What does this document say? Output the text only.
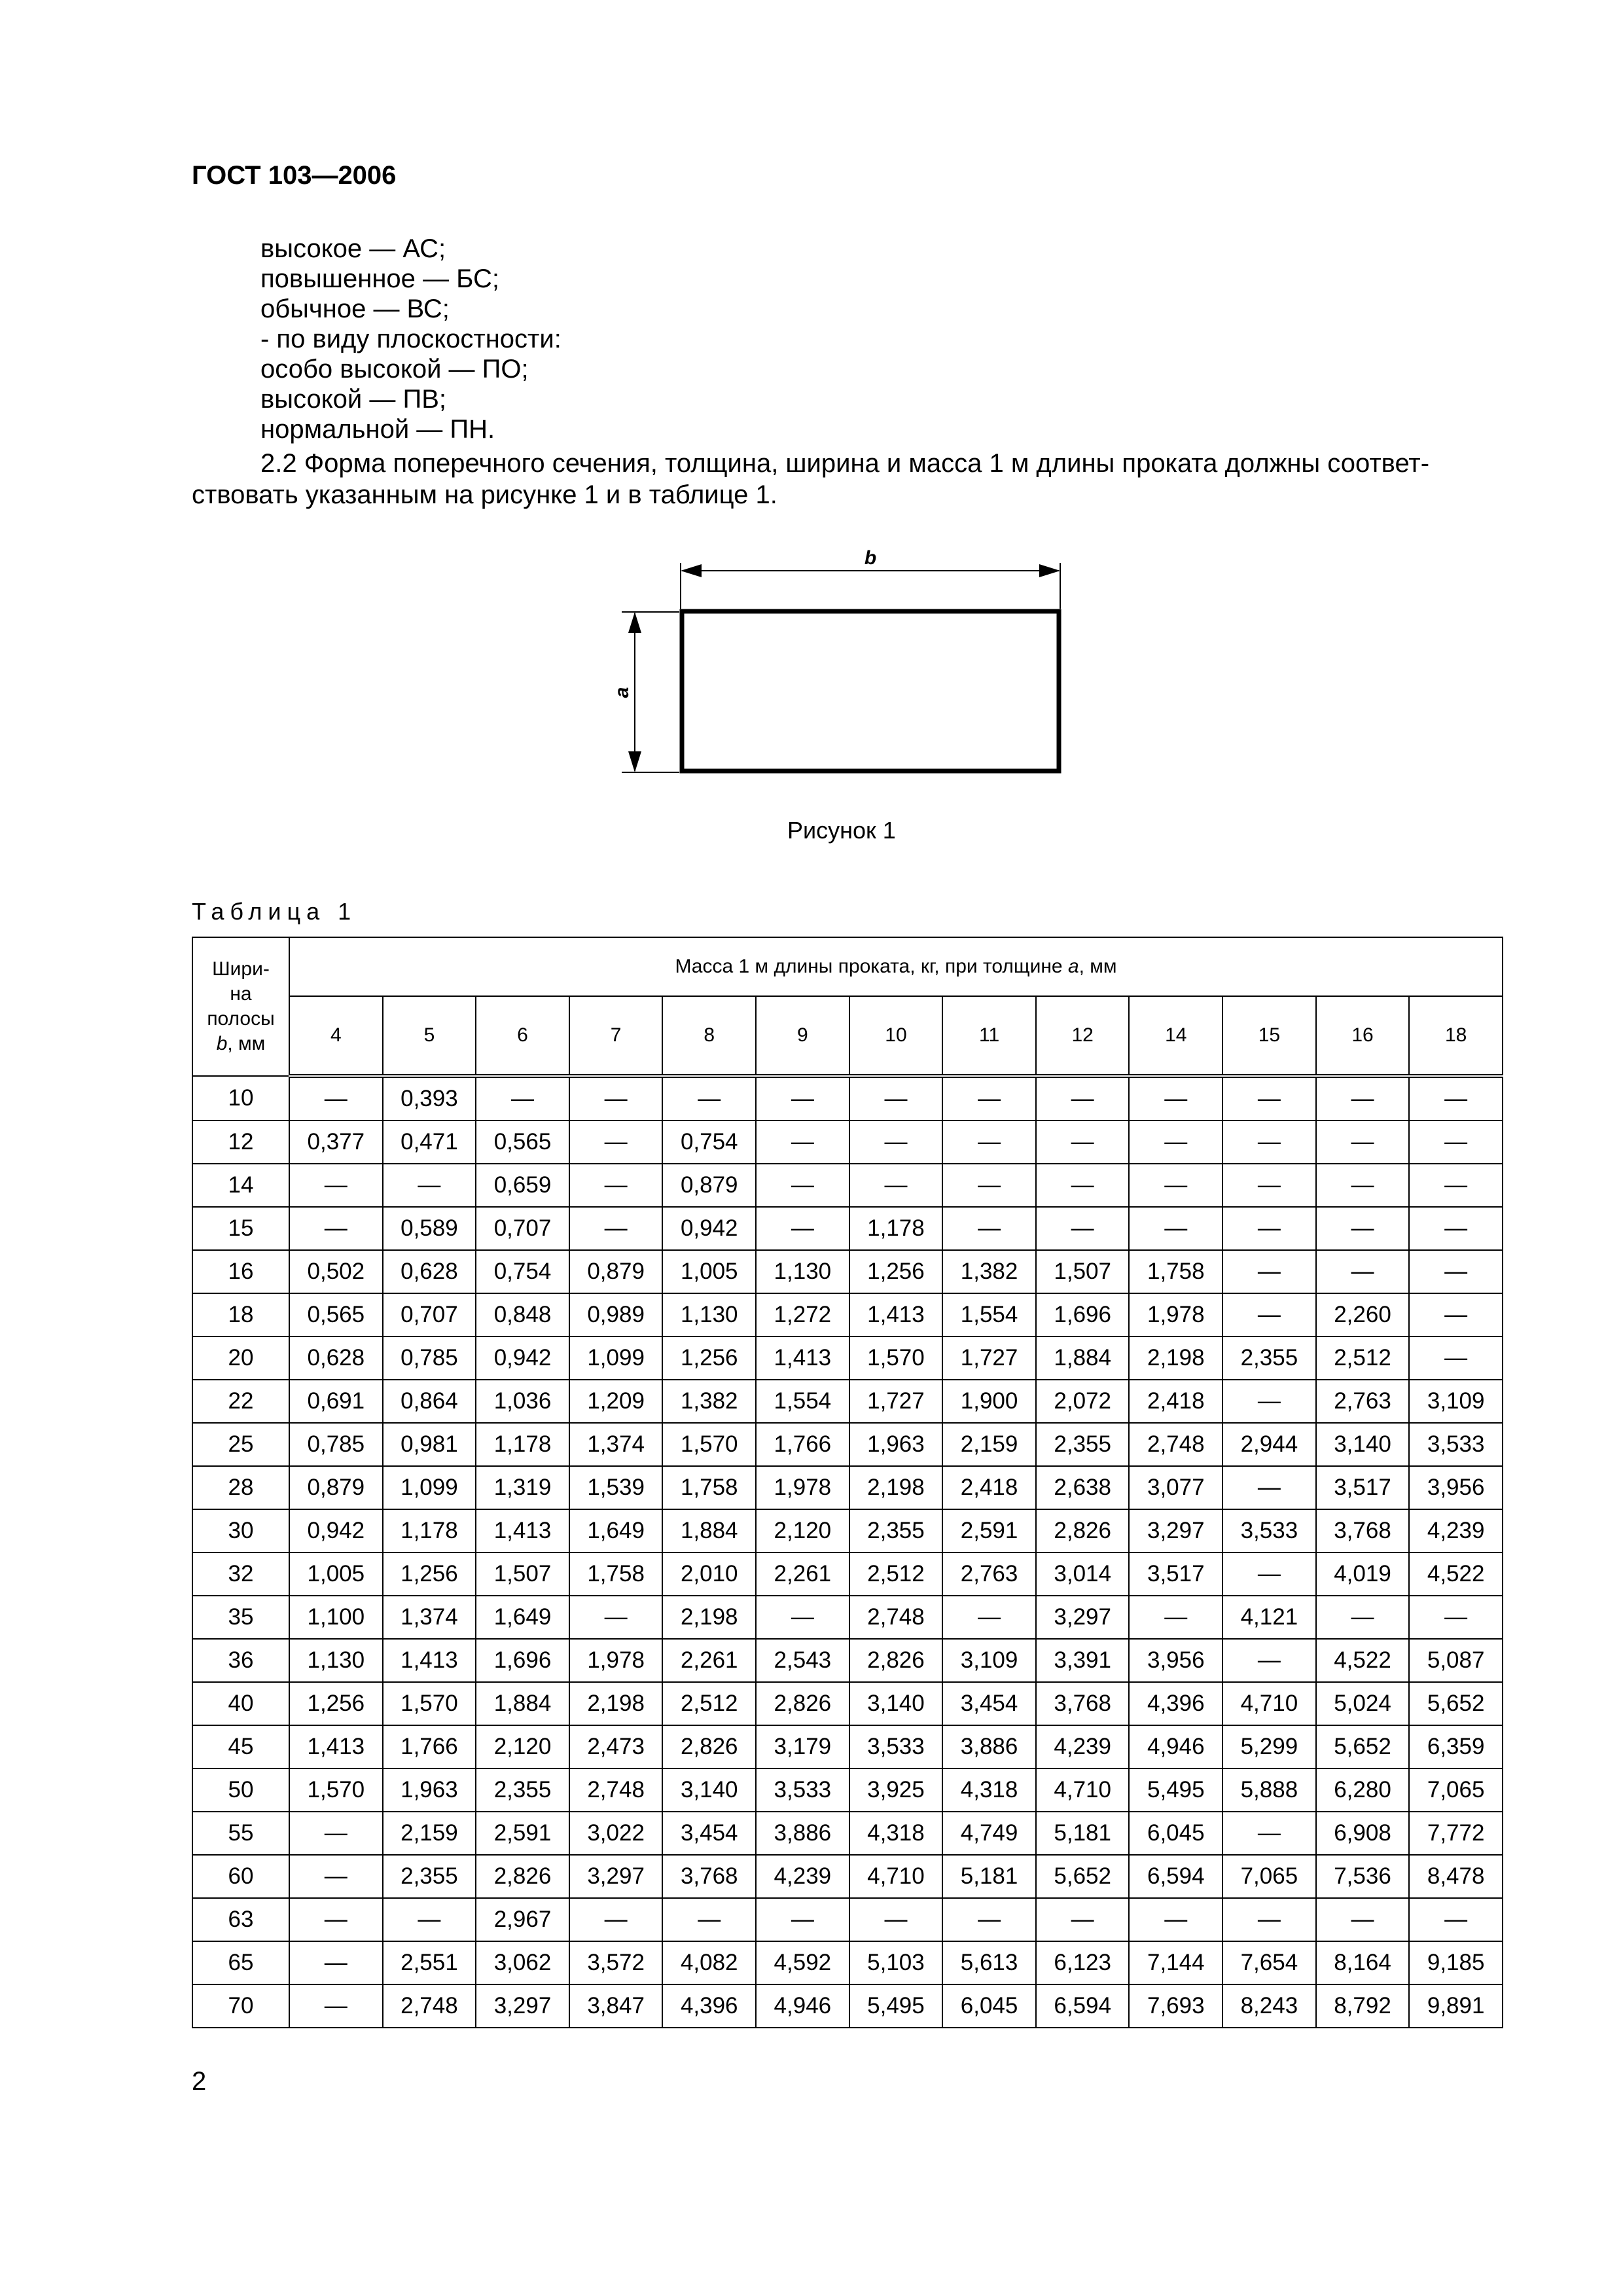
ГОСТ 103—2006
высокое — АС;
повышенное — БС;
обычное — ВС;
- по виду плоскостности:
особо высокой — ПО;
высокой — ПВ;
нормальной — ПН.
2.2 Форма поперечного сечения, толщина, ширина и масса 1 м длины проката должны соответ-
ствовать указанным на рисунке 1 и в таблице 1.
b
a
Рисунок 1
Таблица 1
Шири-
на
полосы
b, мм	Масса 1 м длины проката, кг, при толщине a, мм												
	4	5	6	7	8	9	10	11	12	14	15	16	18
10	—	0,393	—	—	—	—	—	—	—	—	—	—	—
12	0,377	0,471	0,565	—	0,754	—	—	—	—	—	—	—	—
14	—	—	0,659	—	0,879	—	—	—	—	—	—	—	—
15	—	0,589	0,707	—	0,942	—	1,178	—	—	—	—	—	—
16	0,502	0,628	0,754	0,879	1,005	1,130	1,256	1,382	1,507	1,758	—	—	—
18	0,565	0,707	0,848	0,989	1,130	1,272	1,413	1,554	1,696	1,978	—	2,260	—
20	0,628	0,785	0,942	1,099	1,256	1,413	1,570	1,727	1,884	2,198	2,355	2,512	—
22	0,691	0,864	1,036	1,209	1,382	1,554	1,727	1,900	2,072	2,418	—	2,763	3,109
25	0,785	0,981	1,178	1,374	1,570	1,766	1,963	2,159	2,355	2,748	2,944	3,140	3,533
28	0,879	1,099	1,319	1,539	1,758	1,978	2,198	2,418	2,638	3,077	—	3,517	3,956
30	0,942	1,178	1,413	1,649	1,884	2,120	2,355	2,591	2,826	3,297	3,533	3,768	4,239
32	1,005	1,256	1,507	1,758	2,010	2,261	2,512	2,763	3,014	3,517	—	4,019	4,522
35	1,100	1,374	1,649	—	2,198	—	2,748	—	3,297	—	4,121	—	—
36	1,130	1,413	1,696	1,978	2,261	2,543	2,826	3,109	3,391	3,956	—	4,522	5,087
40	1,256	1,570	1,884	2,198	2,512	2,826	3,140	3,454	3,768	4,396	4,710	5,024	5,652
45	1,413	1,766	2,120	2,473	2,826	3,179	3,533	3,886	4,239	4,946	5,299	5,652	6,359
50	1,570	1,963	2,355	2,748	3,140	3,533	3,925	4,318	4,710	5,495	5,888	6,280	7,065
55	—	2,159	2,591	3,022	3,454	3,886	4,318	4,749	5,181	6,045	—	6,908	7,772
60	—	2,355	2,826	3,297	3,768	4,239	4,710	5,181	5,652	6,594	7,065	7,536	8,478
63	—	—	2,967	—	—	—	—	—	—	—	—	—	—
65	—	2,551	3,062	3,572	4,082	4,592	5,103	5,613	6,123	7,144	7,654	8,164	9,185
70	—	2,748	3,297	3,847	4,396	4,946	5,495	6,045	6,594	7,693	8,243	8,792	9,891
2
